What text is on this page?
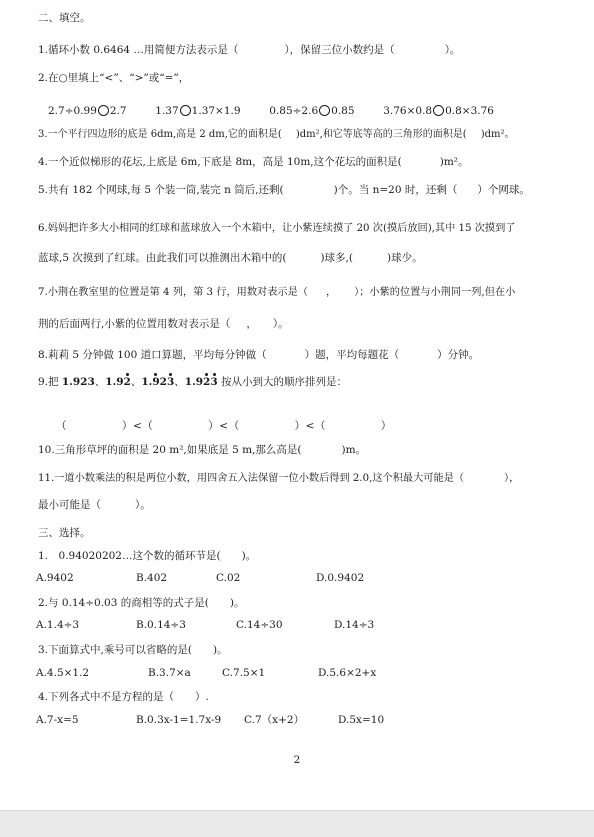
二、填空。
1.循环小数 0.6464 …用简便方法表示是（	），保留三位小数约是（	）。
2.在○里填上“<”、“>”或“=”，
2.7÷0.99 2.7	1.37 1.37×1.9	0.85÷2.6 0.85	3.76×0.8 0.8×3.76
3.一个平行四边形的底是 6dm,高是 2 dm,它的面积是( )dm²,和它等底等高的三角形的面积是( )dm²。
4.一个近似梯形的花坛,上底是 6m,下底是 8m，高是 10m,这个花坛的面积是(	)m²。
5.共有 182 个网球,每 5 个装一筒,装完 n 筒后,还剩(	)个。当 n=20 时，还剩（ ）个网球。
6.妈妈把许多大小相同的红球和蓝球放入一个木箱中，让小紫连续摸了 20 次(摸后放回),其中 15 次摸到了
蓝球,5 次摸到了红球。由此我们可以推测出木箱中的(	)球多,(	)球少。
7.小荆在教室里的位置是第 4 列，第 3 行，用数对表示是（ ， ）；小紫的位置与小荆同一列,但在小
荆的后面两行,小紫的位置用数对表示是（ ， ）。
8.莉莉 5 分钟做 100 道口算题，平均每分钟做（	）题，平均每题花（	）分钟。
9.把 1.923、1.92、1.923、1.923 按从小到大的顺序排列是：
（　　　　　）<（　　　　　）<（　　　　　）<（　　　　　）
10.三角形草坪的面积是 20 m²,如果底是 5 m,那么高是(	)m。
11.一道小数乘法的积是两位小数，用四舍五入法保留一位小数后得到 2.0,这个积最大可能是（	），
最小可能是（	）。
三、选择。
1.　0.94020202…这个数的循环节是(　　)。
A.9402	B.402	C.02	D.0.9402
2.与 0.14÷0.03 的商相等的式子是(　　)。
A.1.4÷3	B.0.14÷3	C.14÷30	D.14÷3
3.下面算式中,乘号可以省略的是(　　)。
A.4.5×1.2	B.3.7×a	C.7.5×1	D.5.6×2+x
4.下列各式中不是方程的是（　　）.
A.7-x=5	B.0.3x-1=1.7x-9 C.7（x+2）	D.5x=10
2
